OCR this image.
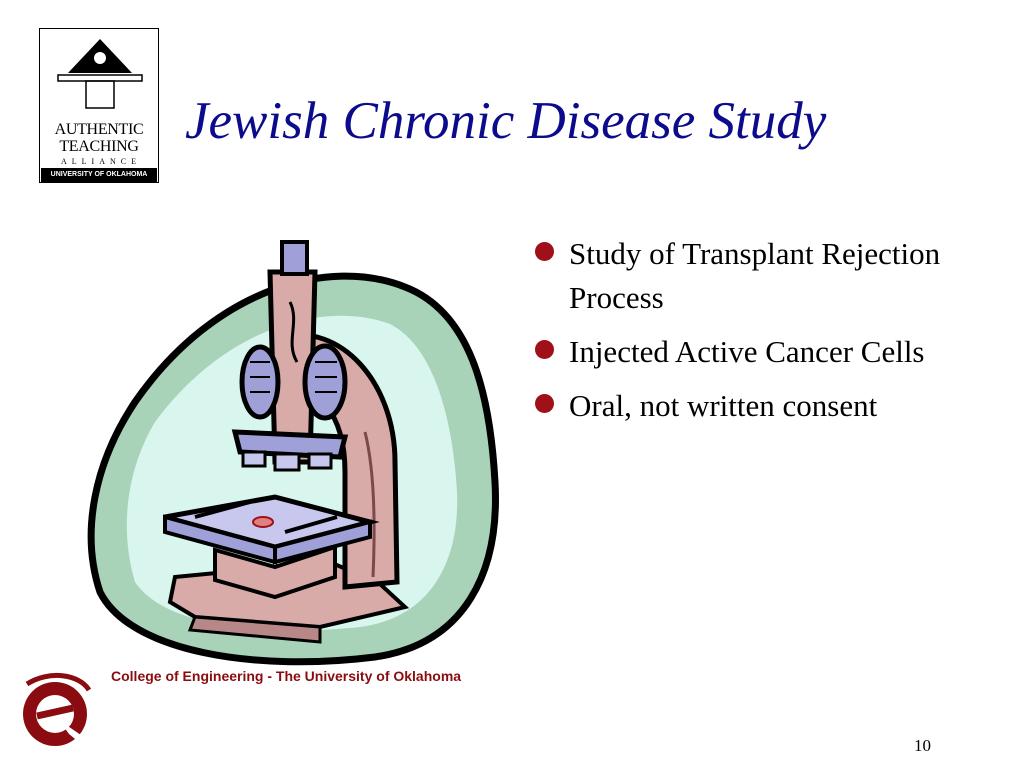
AUTHENTIC
TEACHING
ALLIANCE
UNIVERSITY OF OKLAHOMA
Jewish Chronic Disease Study
Study of Transplant Rejection Process
Injected Active Cancer Cells
Oral, not written consent
College of Engineering - The University of Oklahoma
10
